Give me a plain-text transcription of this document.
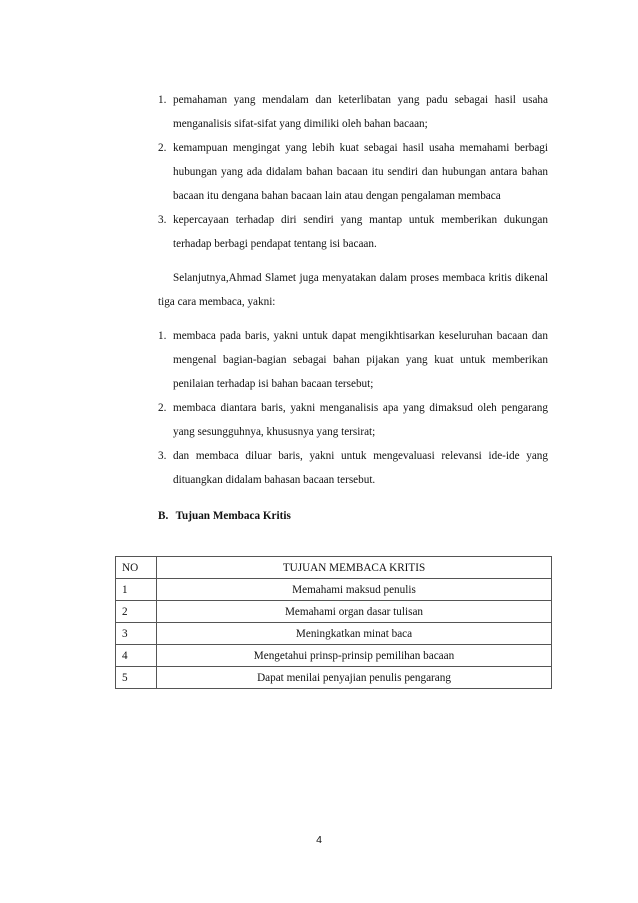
1. pemahaman yang mendalam dan keterlibatan yang padu sebagai hasil usaha menganalisis sifat-sifat yang dimiliki oleh bahan bacaan;
2. kemampuan mengingat yang lebih kuat sebagai hasil usaha memahami berbagi hubungan yang ada didalam bahan bacaan itu sendiri dan hubungan antara bahan bacaan itu dengana bahan bacaan lain atau dengan pengalaman membaca
3. kepercayaan terhadap diri sendiri yang mantap untuk memberikan dukungan terhadap berbagi pendapat tentang isi bacaan.
Selanjutnya,Ahmad Slamet juga menyatakan dalam proses membaca kritis dikenal tiga cara membaca, yakni:
1. membaca pada baris, yakni untuk dapat mengikhtisarkan keseluruhan bacaan dan mengenal bagian-bagian sebagai bahan pijakan yang kuat untuk memberikan penilaian terhadap isi bahan bacaan tersebut;
2. membaca diantara baris, yakni menganalisis apa yang dimaksud oleh pengarang yang sesungguhnya, khususnya yang tersirat;
3. dan membaca diluar baris, yakni untuk mengevaluasi relevansi ide-ide yang dituangkan didalam bahasan bacaan tersebut.
B. Tujuan Membaca Kritis
NO	TUJUAN MEMBACA KRITIS
1	Memahami maksud penulis
2	Memahami organ dasar tulisan
3	Meningkatkan minat baca
4	Mengetahui prinsp-prinsip pemilihan bacaan
5	Dapat menilai penyajian penulis pengarang
4
